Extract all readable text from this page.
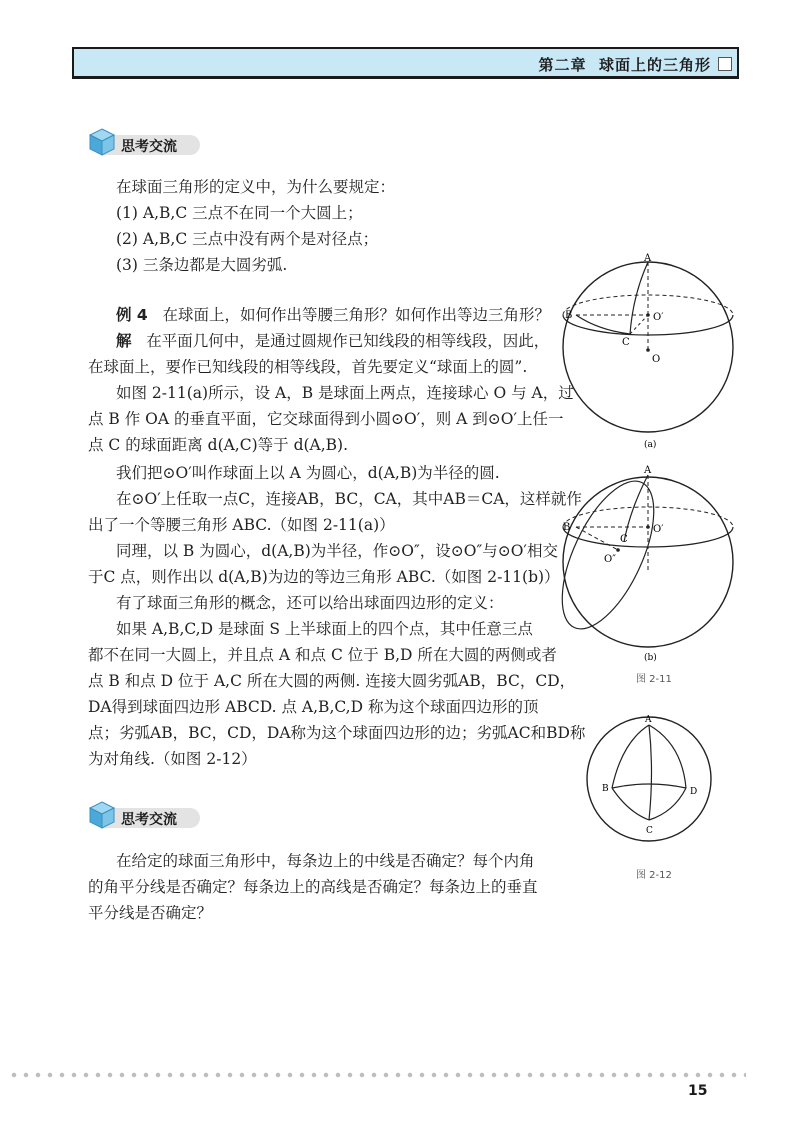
第二章 球面上的三角形
思考交流
在球面三角形的定义中，为什么要规定：
(1) A,B,C 三点不在同一个大圆上；
(2) A,B,C 三点中没有两个是对径点；
(3) 三条边都是大圆劣弧.
例 4 在球面上，如何作出等腰三角形？如何作出等边三角形？
解 在平面几何中，是通过圆规作已知线段的相等线段，因此，
在球面上，要作已知线段的相等线段，首先要定义“球面上的圆”.
如图 2-11(a)所示，设 A，B 是球面上两点，连接球心 O 与 A，过
点 B 作 OA 的垂直平面，它交球面得到小圆⊙O′，则 A 到⊙O′上任一
点 C 的球面距离 d(A,C)等于 d(A,B).
我们把⊙O′叫作球面上以 A 为圆心，d(A,B)为半径的圆.
在⊙O′上任取一点C，连接AB，BC，CA，其中AB＝CA，这样就作
出了一个等腰三角形 ABC.（如图 2-11(a)）
同理，以 B 为圆心，d(A,B)为半径，作⊙O″，设⊙O″与⊙O′相交
于C 点，则作出以 d(A,B)为边的等边三角形 ABC.（如图 2-11(b)）
有了球面三角形的概念，还可以给出球面四边形的定义：
如果 A,B,C,D 是球面 S 上半球面上的四个点，其中任意三点
都不在同一大圆上，并且点 A 和点 C 位于 B,D 所在大圆的两侧或者
点 B 和点 D 位于 A,C 所在大圆的两侧. 连接大圆劣弧AB，BC，CD，
DA得到球面四边形 ABCD. 点 A,B,C,D 称为这个球面四边形的顶
点；劣弧AB，BC，CD，DA称为这个球面四边形的边；劣弧AC和BD称
为对角线.（如图 2-12）
思考交流
在给定的球面三角形中，每条边上的中线是否确定？每个内角
的角平分线是否确定？每条边上的高线是否确定？每条边上的垂直
平分线是否确定？
A
B
C
O′
O
(a)
A
B
C
O′
O″
(b)
图 2-11
A
B
C
D
图 2-12
15
